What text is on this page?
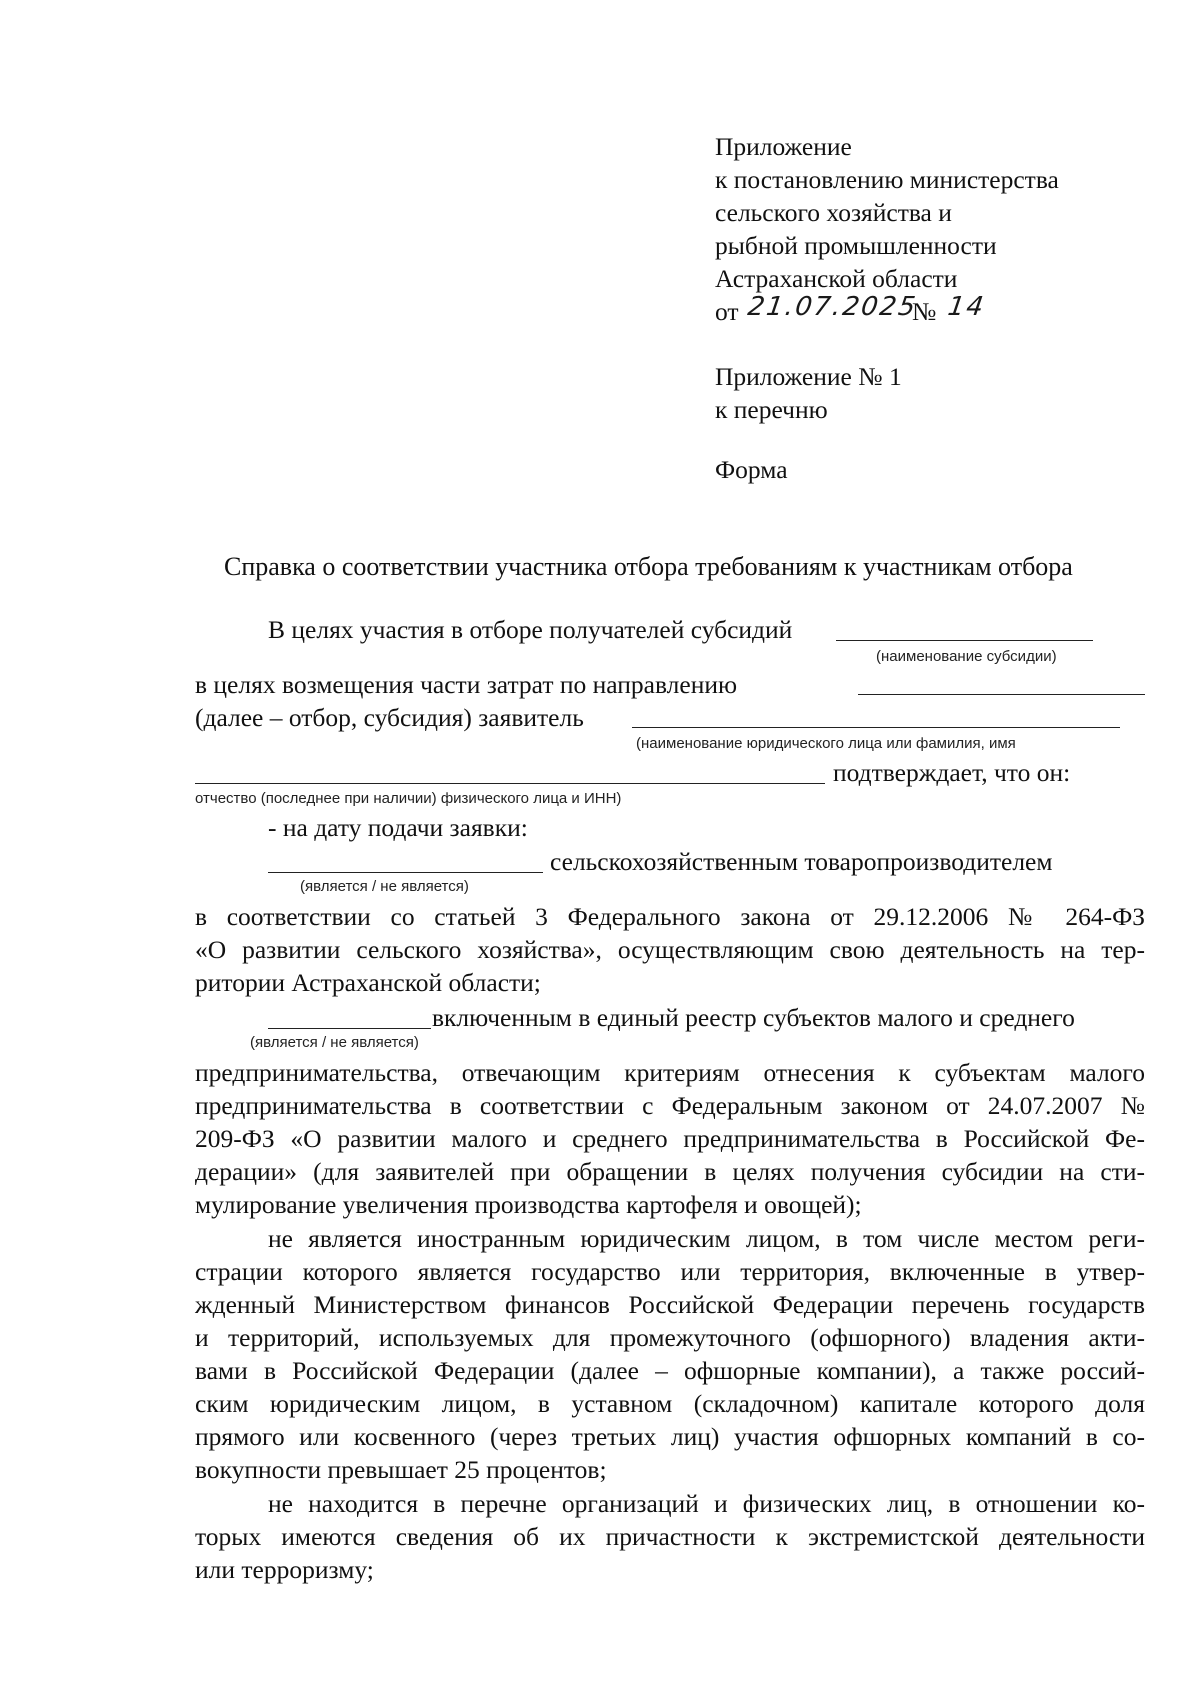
Приложение
к постановлению министерства
сельского хозяйства и
рыбной промышленности
Астраханской области
от 21.07.2025
№ 14
Приложение № 1
к перечню
Форма
Справка о соответствии участника отбора требованиям к участникам отбора
В целях участия в отборе получателей субсидий
(наименование субсидии)
в целях возмещения части затрат по направлению
(далее – отбор, субсидия) заявитель
(наименование юридического лица или фамилия, имя
подтверждает, что он:
отчество (последнее при наличии) физического лица и ИНН)
- на дату подачи заявки:
сельскохозяйственным товаропроизводителем
(является / не является)
в соответствии со статьей 3 Федерального закона от 29.12.2006 № 264-ФЗ
«О развитии сельского хозяйства», осуществляющим свою деятельность на тер-
ритории Астраханской области;
включенным в единый реестр субъектов малого и среднего
(является / не является)
предпринимательства, отвечающим критериям отнесения к субъектам малого
предпринимательства в соответствии с Федеральным законом от 24.07.2007 №
209-ФЗ «О развитии малого и среднего предпринимательства в Российской Фе-
дерации» (для заявителей при обращении в целях получения субсидии на сти-
мулирование увеличения производства картофеля и овощей);
не является иностранным юридическим лицом, в том числе местом реги-
страции которого является государство или территория, включенные в утвер-
жденный Министерством финансов Российской Федерации перечень государств
и территорий, используемых для промежуточного (офшорного) владения акти-
вами в Российской Федерации (далее – офшорные компании), а также россий-
ским юридическим лицом, в уставном (складочном) капитале которого доля
прямого или косвенного (через третьих лиц) участия офшорных компаний в со-
вокупности превышает 25 процентов;
не находится в перечне организаций и физических лиц, в отношении ко-
торых имеются сведения об их причастности к экстремистской деятельности
или терроризму;
